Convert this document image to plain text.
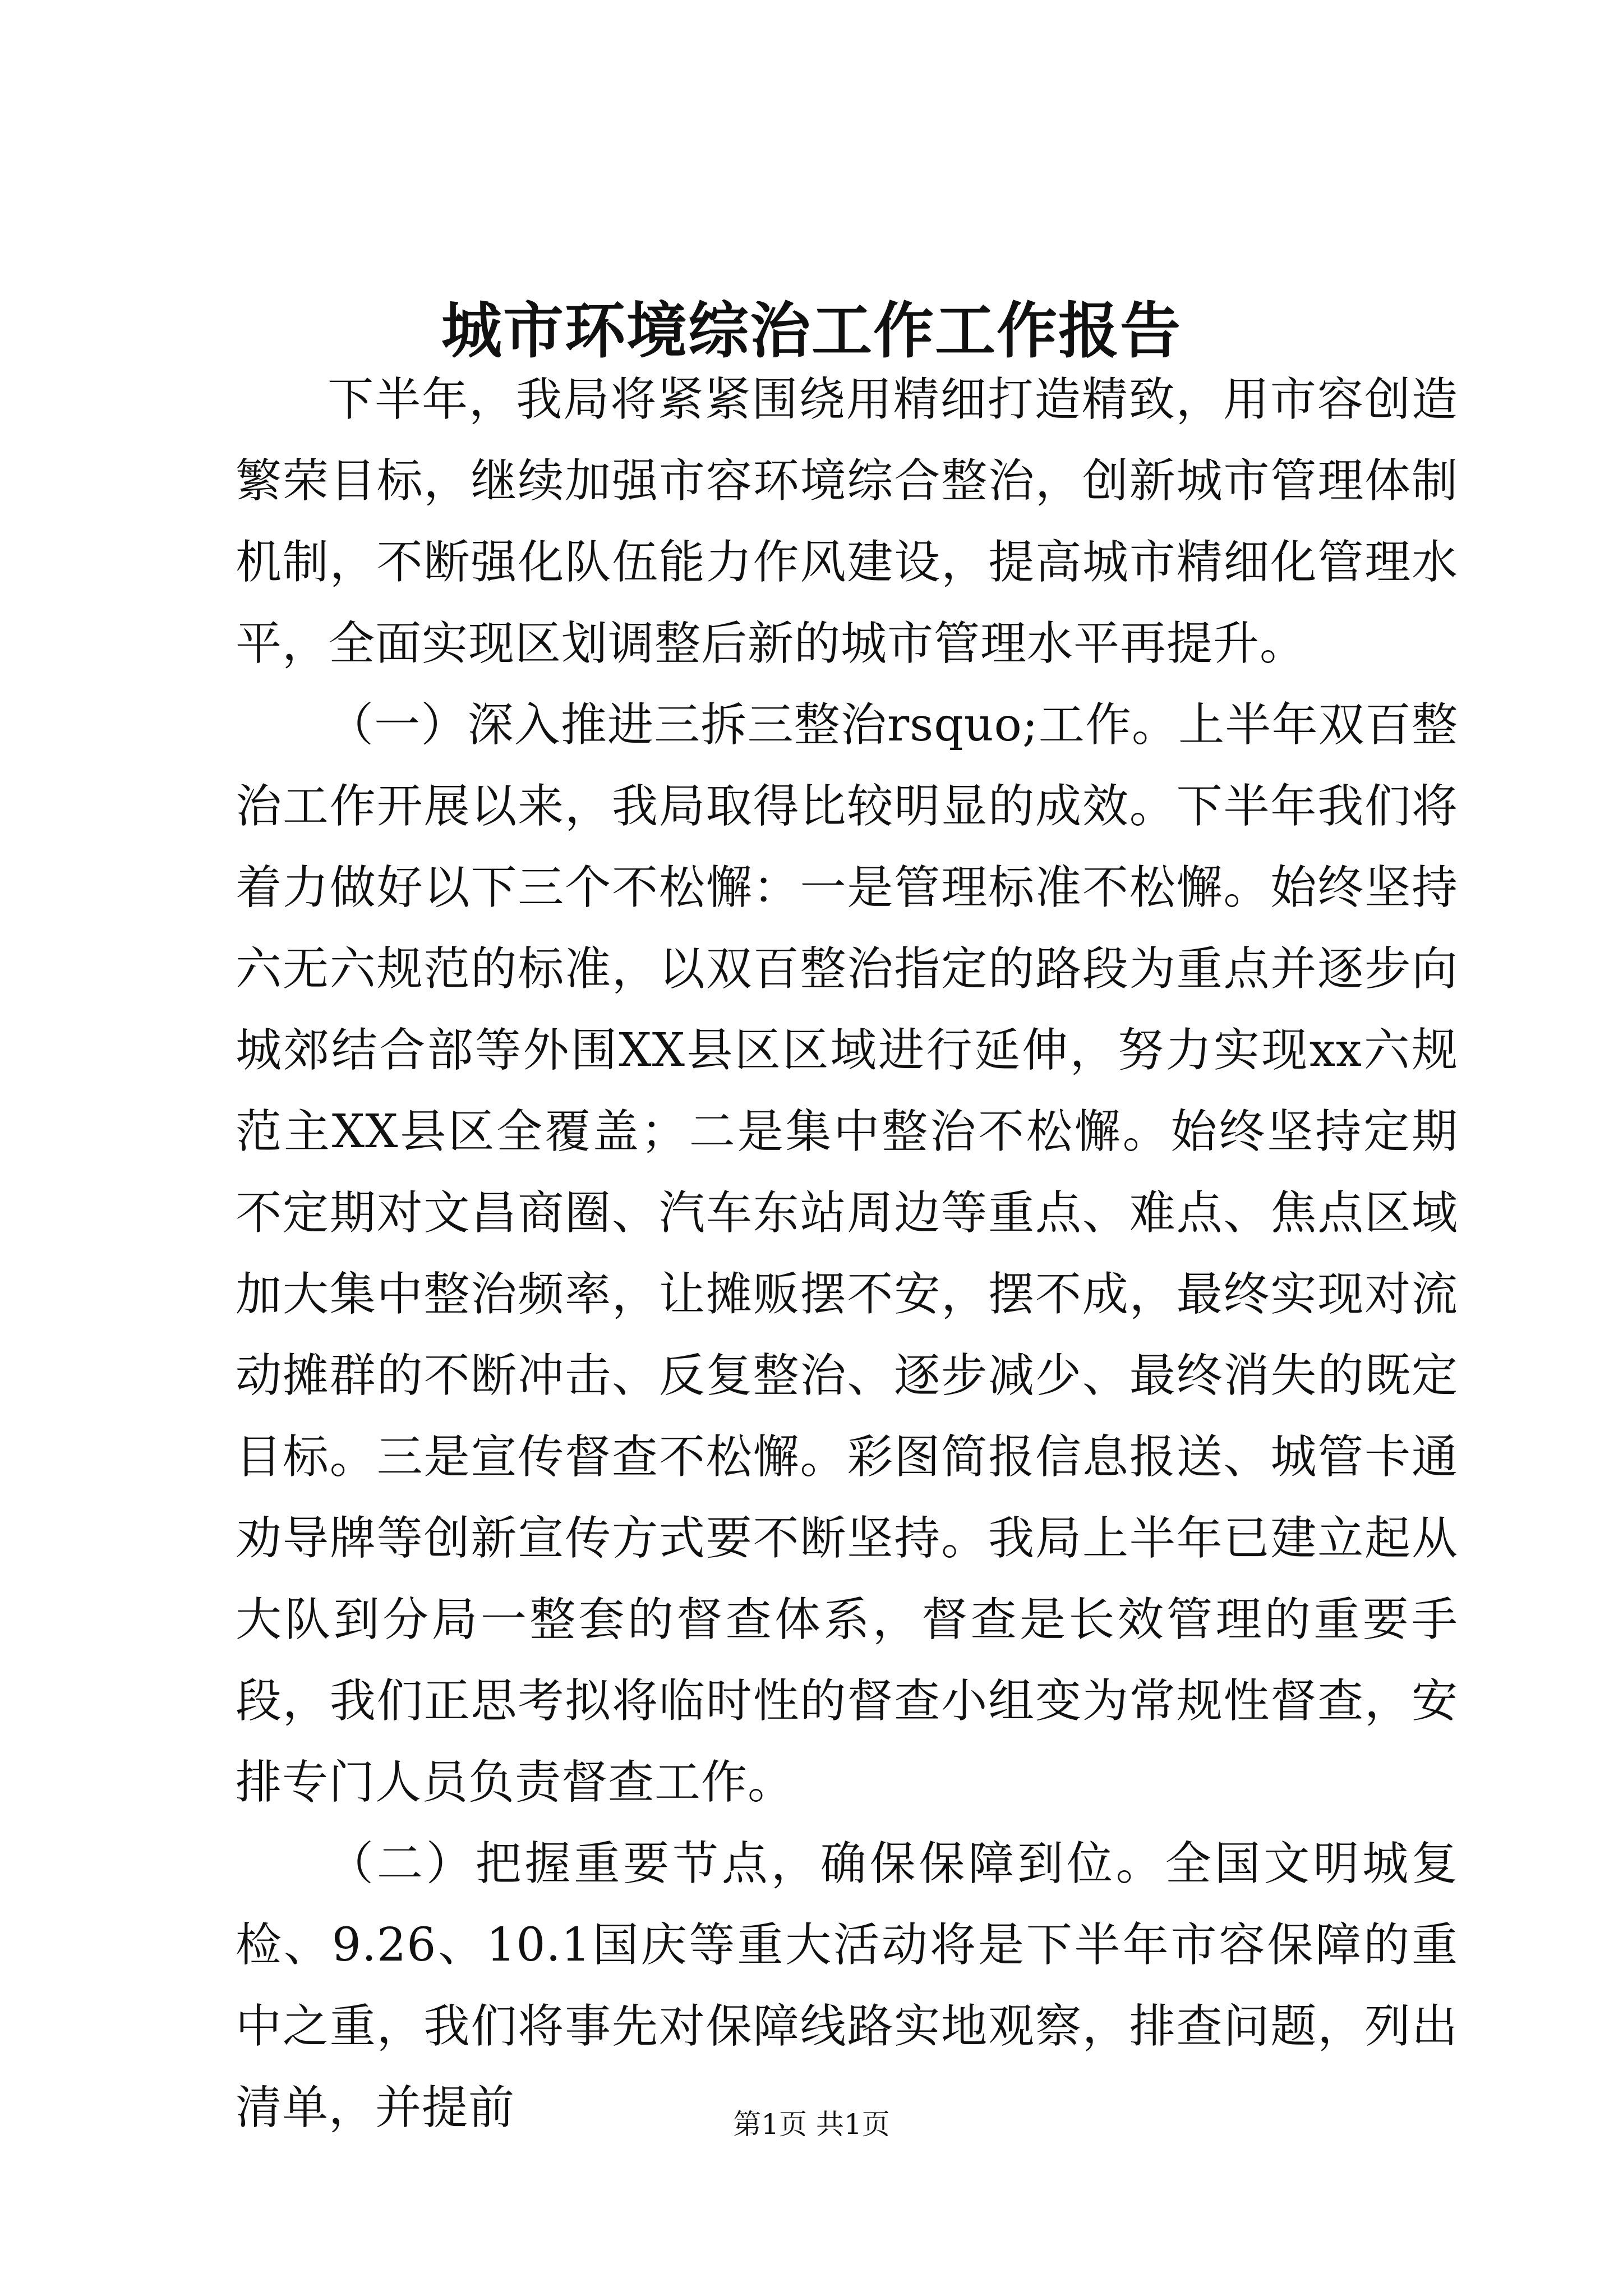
城市环境综治工作工作报告

下半年，我局将紧紧围绕用精细打造精致，用市容创造繁荣目标，继续加强市容环境综合整治，创新城市管理体制机制，不断强化队伍能力作风建设，提高城市精细化管理水平，全面实现区划调整后新的城市管理水平再提升。

（一）深入推进三拆三整治rsquo;工作。上半年双百整治工作开展以来，我局取得比较明显的成效。下半年我们将着力做好以下三个不松懈：一是管理标准不松懈。始终坚持六无六规范的标准，以双百整治指定的路段为重点并逐步向城郊结合部等外围XX县区区域进行延伸，努力实现xx六规范主XX县区全覆盖；二是集中整治不松懈。始终坚持定期不定期对文昌商圈、汽车东站周边等重点、难点、焦点区域加大集中整治频率，让摊贩摆不安，摆不成，最终实现对流动摊群的不断冲击、反复整治、逐步减少、最终消失的既定目标。三是宣传督查不松懈。彩图简报信息报送、城管卡通劝导牌等创新宣传方式要不断坚持。我局上半年已建立起从大队到分局一整套的督查体系，督查是长效管理的重要手段，我们正思考拟将临时性的督查小组变为常规性督查，安排专门人员负责督查工作。

（二）把握重要节点，确保保障到位。全国文明城复检、9.26、10.1国庆等重大活动将是下半年市容保障的重中之重，我们将事先对保障线路实地观察，排查问题，列出清单，并提前	第1页 共1页
